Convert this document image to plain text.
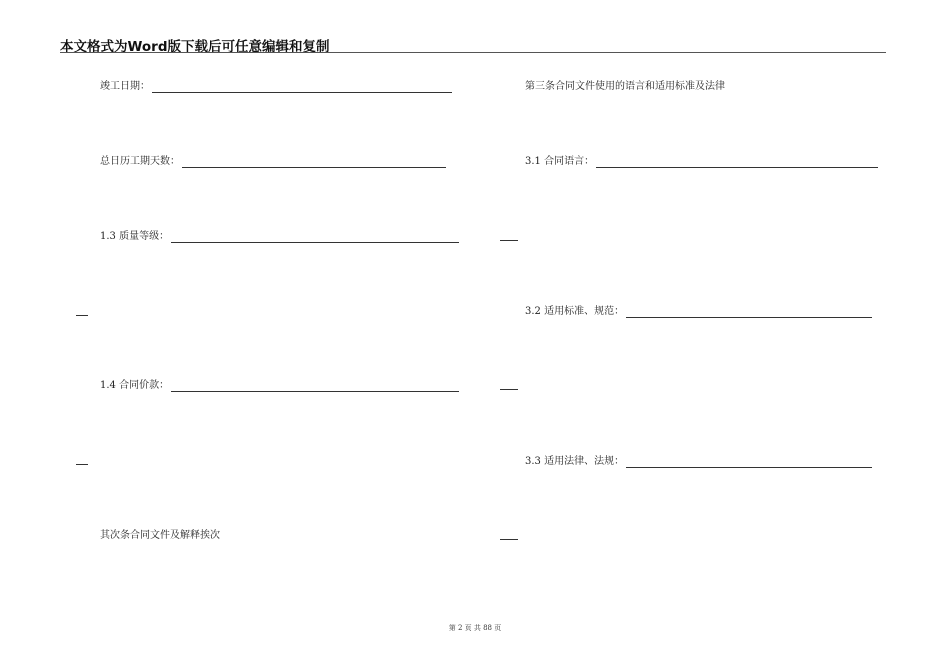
本文格式为Word版下载后可任意编辑和复制
竣工日期：
总日历工期天数：
1.3 质量等级：
1.4 合同价款：
其次条合同文件及解释挨次
第三条合同文件使用的语言和适用标准及法律
3.1 合同语言：
3.2 适用标准、规范：
3.3 适用法律、法规：
第 2 页 共 88 页
